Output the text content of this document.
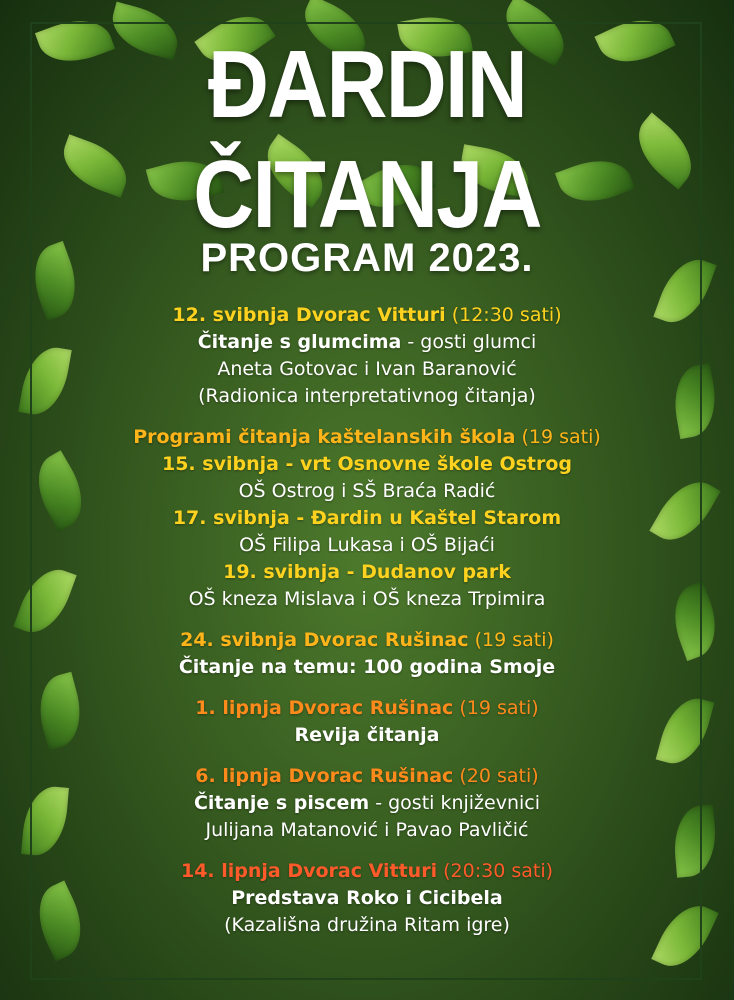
ĐARDIN ČITANJA
PROGRAM 2023.
12. svibnja Dvorac Vitturi (12:30 sati)
Čitanje s glumcima - gosti glumci
Aneta Gotovac i Ivan Baranović
(Radionica interpretativnog čitanja)
Programi čitanja kaštelanskih škola (19 sati)
15. svibnja - vrt Osnovne škole Ostrog
OŠ Ostrog i SŠ Braća Radić
17. svibnja - Đardin u Kaštel Starom
OŠ Filipa Lukasa i OŠ Bijaći
19. svibnja - Dudanov park
OŠ kneza Mislava i OŠ kneza Trpimira
24. svibnja Dvorac Rušinac (19 sati)
Čitanje na temu: 100 godina Smoje
1. lipnja Dvorac Rušinac (19 sati)
Revija čitanja
6. lipnja Dvorac Rušinac (20 sati)
Čitanje s piscem - gosti književnici
Julijana Matanović i Pavao Pavličić
14. lipnja Dvorac Vitturi (20:30 sati)
Predstava Roko i Cicibela
(Kazališna družina Ritam igre)
